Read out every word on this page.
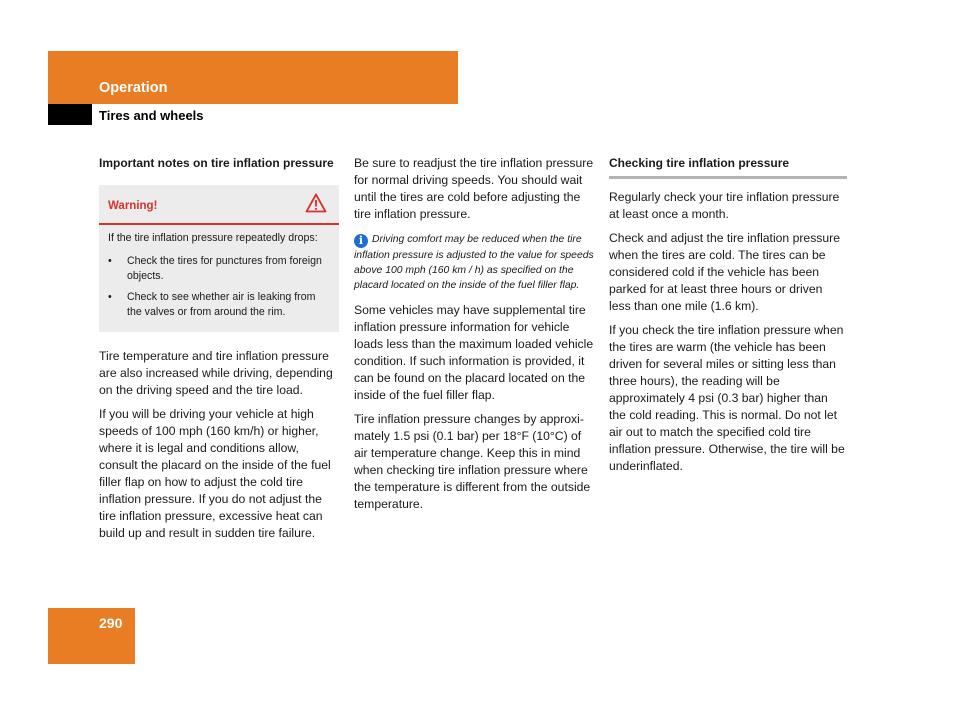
Operation
Tires and wheels
Important notes on tire inflation pressure
Warning!
If the tire inflation pressure repeatedly drops:
•	Check the tires for punctures from foreign objects.
•	Check to see whether air is leaking from the valves or from around the rim.

Tire temperature and tire inflation pressure are also increased while driving, depending on the driving speed and the tire load.

If you will be driving your vehicle at high speeds of 100 mph (160 km/h) or higher, where it is legal and conditions allow, consult the placard on the inside of the fuel filler flap on how to adjust the cold tire inflation pressure. If you do not adjust the tire inflation pressure, excessive heat can build up and result in sudden tire failure.

Be sure to readjust the tire inflation pressure for normal driving speeds. You should wait until the tires are cold before adjusting the tire inflation pressure.

i Driving comfort may be reduced when the tire inflation pressure is adjusted to the value for speeds above 100 mph (160 km / h) as specified on the placard located on the inside of the fuel filler flap.

Some vehicles may have supplemental tire inflation pressure information for vehicle loads less than the maximum loaded vehicle condition. If such information is provided, it can be found on the placard located on the inside of the fuel filler flap.

Tire inflation pressure changes by approxi-mately 1.5 psi (0.1 bar) per 18°F (10°C) of air temperature change. Keep this in mind when checking tire inflation pressure where the temperature is different from the outside temperature.

Checking tire inflation pressure

Regularly check your tire inflation pressure at least once a month.

Check and adjust the tire inflation pressure when the tires are cold. The tires can be considered cold if the vehicle has been parked for at least three hours or driven less than one mile (1.6 km).

If you check the tire inflation pressure when the tires are warm (the vehicle has been driven for several miles or sitting less than three hours), the reading will be approximately 4 psi (0.3 bar) higher than the cold reading. This is normal. Do not let air out to match the specified cold tire inflation pressure. Otherwise, the tire will be underinflated.

290
